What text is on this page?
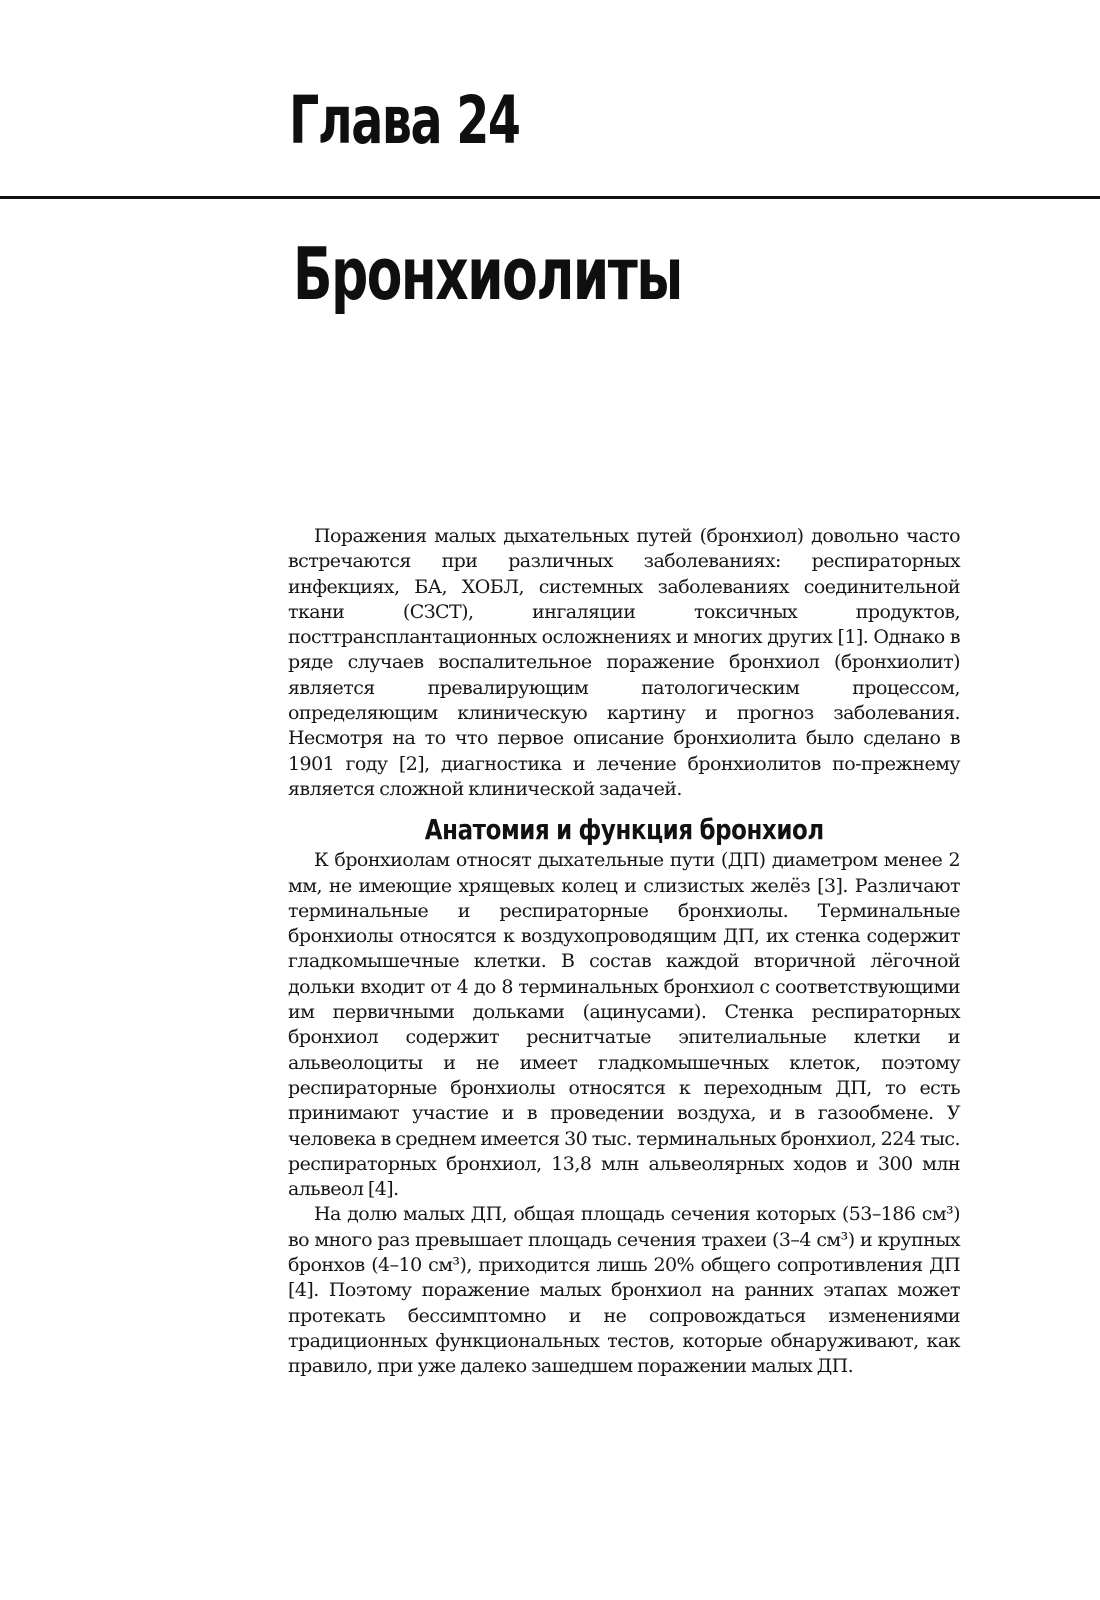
Глава 24
Бронхиолиты

Поражения малых дыхательных путей (бронхиол) довольно часто встречаются при различных заболеваниях: респираторных инфекциях, БА, ХОБЛ, системных заболеваниях соединительной ткани (СЗСТ), ингаляции токсичных продуктов, посттрансплантационных осложнениях и многих других [1]. Однако в ряде случаев воспалительное поражение бронхиол (бронхиолит) является превалирующим патологическим процессом, определяющим клиническую картину и прогноз заболевания. Несмотря на то что первое описание бронхиолита было сделано в 1901 году [2], диагностика и лечение бронхиолитов по-прежнему является сложной клинической задачей.

Анатомия и функция бронхиол

К бронхиолам относят дыхательные пути (ДП) диаметром менее 2 мм, не имеющие хрящевых колец и слизистых желёз [3]. Различают терминальные и респираторные бронхиолы. Терминальные бронхиолы относятся к воздухопроводящим ДП, их стенка содержит гладкомышечные клетки. В состав каждой вторичной лёгочной дольки входит от 4 до 8 терминальных бронхиол с соответствующими им первичными дольками (ацинусами). Стенка респираторных бронхиол содержит реснитчатые эпителиальные клетки и альвеолоциты и не имеет гладкомышечных клеток, поэтому респираторные бронхиолы относятся к переходным ДП, то есть принимают участие и в проведении воздуха, и в газообмене. У человека в среднем имеется 30 тыс. терминальных бронхиол, 224 тыс. респираторных бронхиол, 13,8 млн альвеолярных ходов и 300 млн альвеол [4].

На долю малых ДП, общая площадь сечения которых (53–186 см³) во много раз превышает площадь сечения трахеи (3–4 см³) и крупных бронхов (4–10 см³), приходится лишь 20% общего сопротивления ДП [4]. Поэтому поражение малых бронхиол на ранних этапах может протекать бессимптомно и не сопровождаться изменениями традиционных функциональных тестов, которые обнаруживают, как правило, при уже далеко зашедшем поражении малых ДП.
